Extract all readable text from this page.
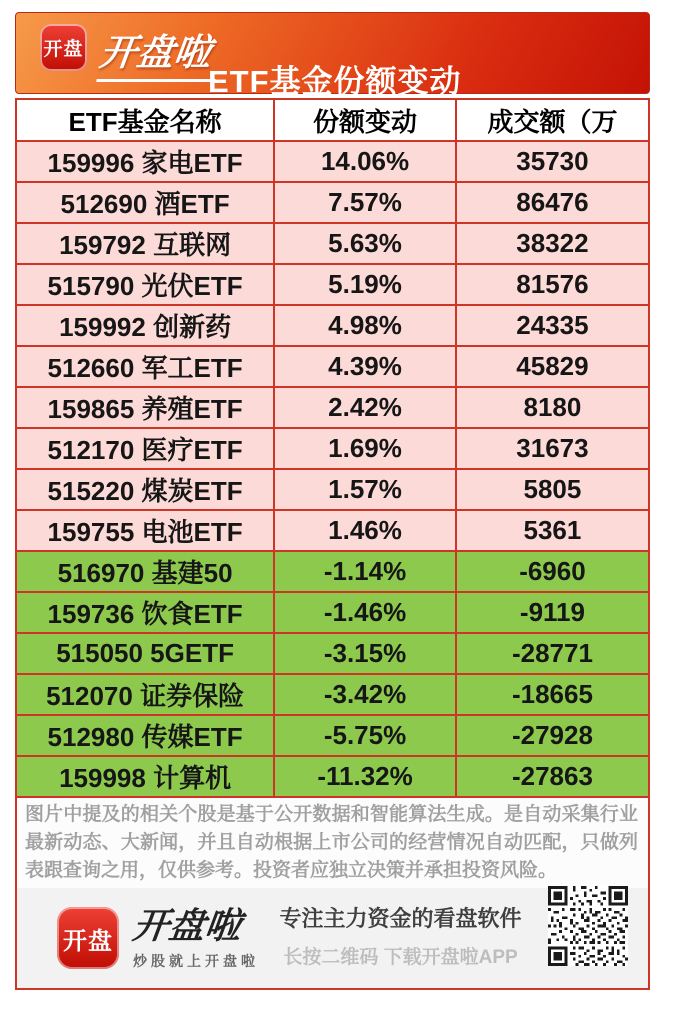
开盘 开盘啦
ETF基金份额变动
ETF基金名称	份额变动	成交额（万
159996 家电ETF	14.06%	35730
512690 酒ETF	7.57%	86476
159792 互联网	5.63%	38322
515790 光伏ETF	5.19%	81576
159992 创新药	4.98%	24335
512660 军工ETF	4.39%	45829
159865 养殖ETF	2.42%	8180
512170 医疗ETF	1.69%	31673
515220 煤炭ETF	1.57%	5805
159755 电池ETF	1.46%	5361
516970 基建50	-1.14%	-6960
159736 饮食ETF	-1.46%	-9119
515050 5GETF	-3.15%	-28771
512070 证券保险	-3.42%	-18665
512980 传媒ETF	-5.75%	-27928
159998 计算机	-11.32%	-27863
图片中提及的相关个股是基于公开数据和智能算法生成。是自动采集行业最新动态、大新闻，并且自动根据上市公司的经营情况自动匹配，只做列表跟查询之用，仅供参考。投资者应独立决策并承担投资风险。
开盘 开盘啦
炒股就上开盘啦
专注主力资金的看盘软件
长按二维码 下载开盘啦APP
